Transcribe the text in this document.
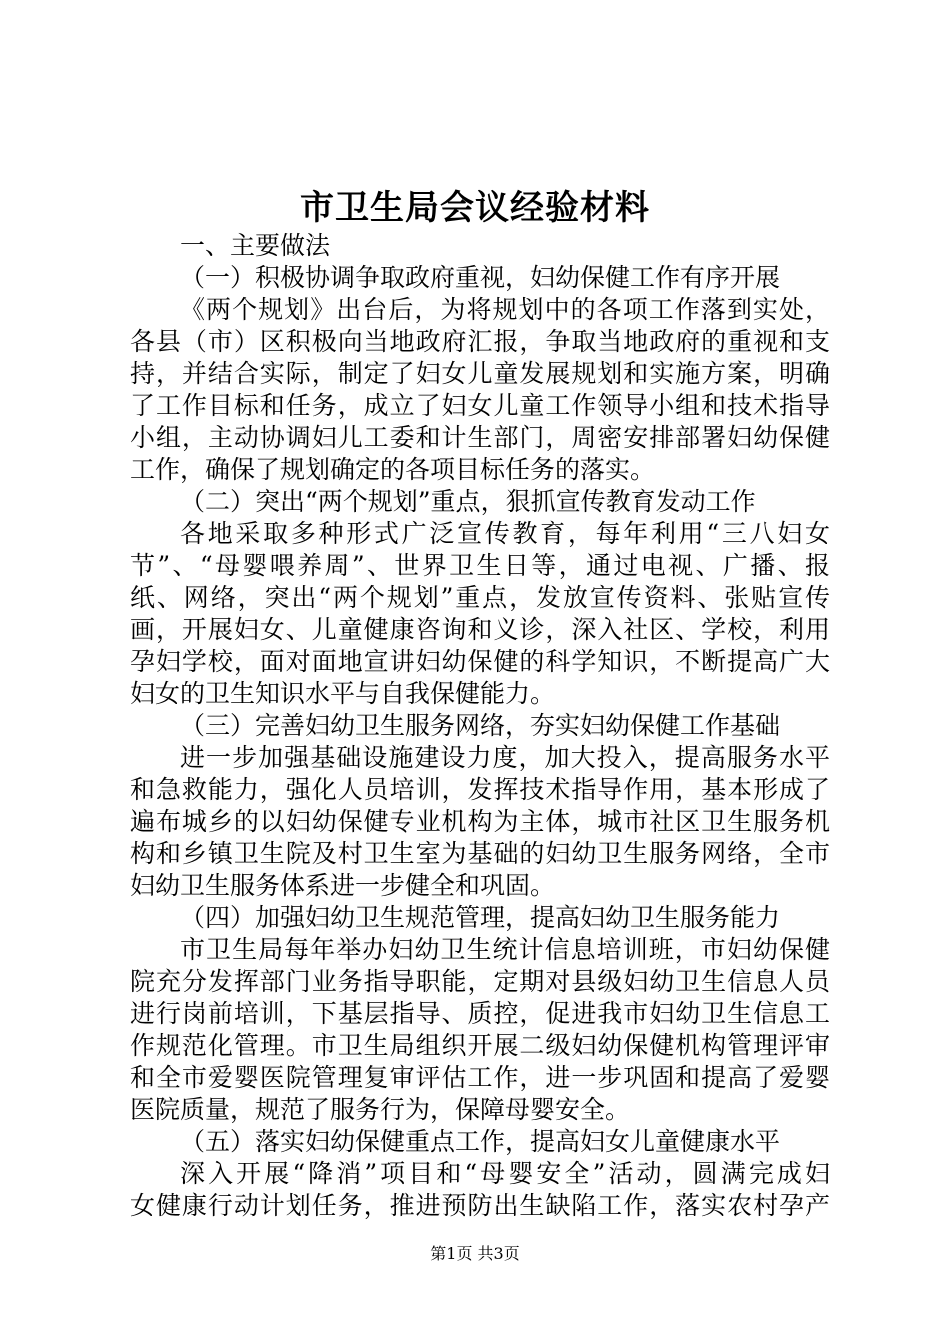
市卫生局会议经验材料
一、主要做法
（一）积极协调争取政府重视，妇幼保健工作有序开展
《两个规划》出台后，为将规划中的各项工作落到实处，
各县（市）区积极向当地政府汇报，争取当地政府的重视和支
持，并结合实际，制定了妇女儿童发展规划和实施方案，明确
了工作目标和任务，成立了妇女儿童工作领导小组和技术指导
小组，主动协调妇儿工委和计生部门，周密安排部署妇幼保健
工作，确保了规划确定的各项目标任务的落实。
（二）突出“两个规划”重点，狠抓宣传教育发动工作
各地采取多种形式广泛宣传教育，每年利用“三八妇女
节”、“母婴喂养周”、世界卫生日等，通过电视、广播、报
纸、网络，突出“两个规划”重点，发放宣传资料、张贴宣传
画，开展妇女、儿童健康咨询和义诊，深入社区、学校，利用
孕妇学校，面对面地宣讲妇幼保健的科学知识，不断提高广大
妇女的卫生知识水平与自我保健能力。
（三）完善妇幼卫生服务网络，夯实妇幼保健工作基础
进一步加强基础设施建设力度，加大投入，提高服务水平
和急救能力，强化人员培训，发挥技术指导作用，基本形成了
遍布城乡的以妇幼保健专业机构为主体，城市社区卫生服务机
构和乡镇卫生院及村卫生室为基础的妇幼卫生服务网络，全市
妇幼卫生服务体系进一步健全和巩固。
（四）加强妇幼卫生规范管理，提高妇幼卫生服务能力
市卫生局每年举办妇幼卫生统计信息培训班，市妇幼保健
院充分发挥部门业务指导职能，定期对县级妇幼卫生信息人员
进行岗前培训，下基层指导、质控，促进我市妇幼卫生信息工
作规范化管理。市卫生局组织开展二级妇幼保健机构管理评审
和全市爱婴医院管理复审评估工作，进一步巩固和提高了爱婴
医院质量，规范了服务行为，保障母婴安全。
（五）落实妇幼保健重点工作，提高妇女儿童健康水平
深入开展“降消”项目和“母婴安全”活动，圆满完成妇
女健康行动计划任务，推进预防出生缺陷工作，落实农村孕产
第1页 共3页
